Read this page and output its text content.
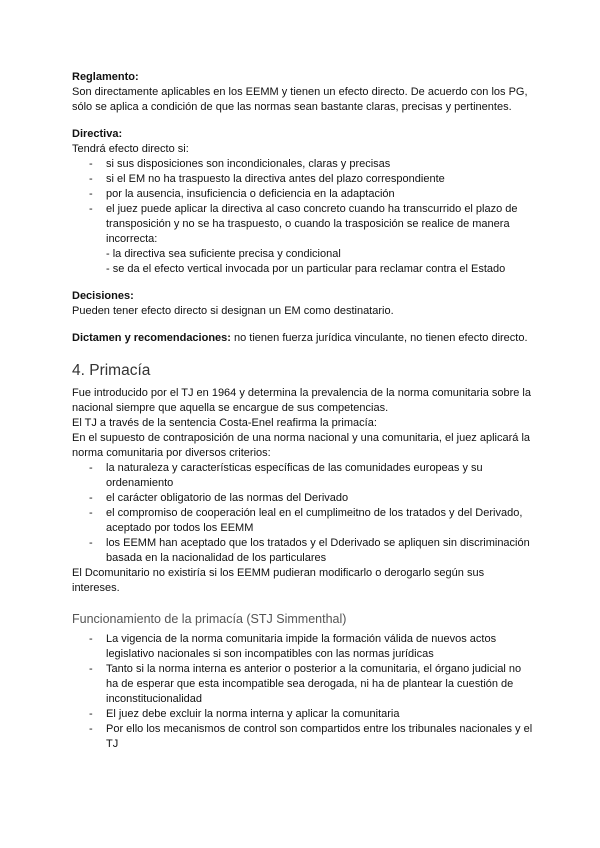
Reglamento:

Son directamente aplicables en los EEMM y tienen un efecto directo. De acuerdo con los PG, sólo se aplica a condición de que las normas sean bastante claras, precisas y pertinentes.

Directiva:

Tendrá efecto directo si:

- si sus disposiciones son incondicionales, claras y precisas
- si el EM no ha traspuesto la directiva antes del plazo correspondiente
- por la ausencia, insuficiencia o deficiencia en la adaptación
- el juez puede aplicar la directiva al caso concreto cuando ha transcurrido el plazo de transposición y no se ha traspuesto, o cuando la trasposición se realice de manera incorrecta:
- la directiva sea suficiente precisa y condicional
- se da el efecto vertical invocada por un particular para reclamar contra el Estado

Decisiones:

Pueden tener efecto directo si designan un EM como destinatario.

Dictamen y recomendaciones: no tienen fuerza jurídica vinculante, no tienen efecto directo.

4. Primacía

Fue introducido por el TJ en 1964 y determina la prevalencia de la norma comunitaria sobre la nacional siempre que aquella se encargue de sus competencias.

El TJ a través de la sentencia Costa-Enel reafirma la primacía:

En el supuesto de contraposición de una norma nacional y una comunitaria, el juez aplicará la norma comunitaria por diversos criterios:

- la naturaleza y características específicas de las comunidades europeas y su ordenamiento
- el carácter obligatorio de las normas del Derivado
- el compromiso de cooperación leal en el cumplimeitno de los tratados y del Derivado, aceptado por todos los EEMM
- los EEMM han aceptado que los tratados y el Dderivado se apliquen sin discriminación basada en la nacionalidad de los particulares

El Dcomunitario no existiría si los EEMM pudieran modificarlo o derogarlo según sus intereses.

Funcionamiento de la primacía (STJ Simmenthal)
- La vigencia de la norma comunitaria impide la formación válida de nuevos actos legislativo nacionales si son incompatibles con las normas jurídicas
- Tanto si la norma interna es anterior o posterior a la comunitaria, el órgano judicial no ha de esperar que esta incompatible sea derogada, ni ha de plantear la cuestión de inconstitucionalidad
- El juez debe excluir la norma interna y aplicar la comunitaria
- Por ello los mecanismos de control son compartidos entre los tribunales nacionales y el TJ
